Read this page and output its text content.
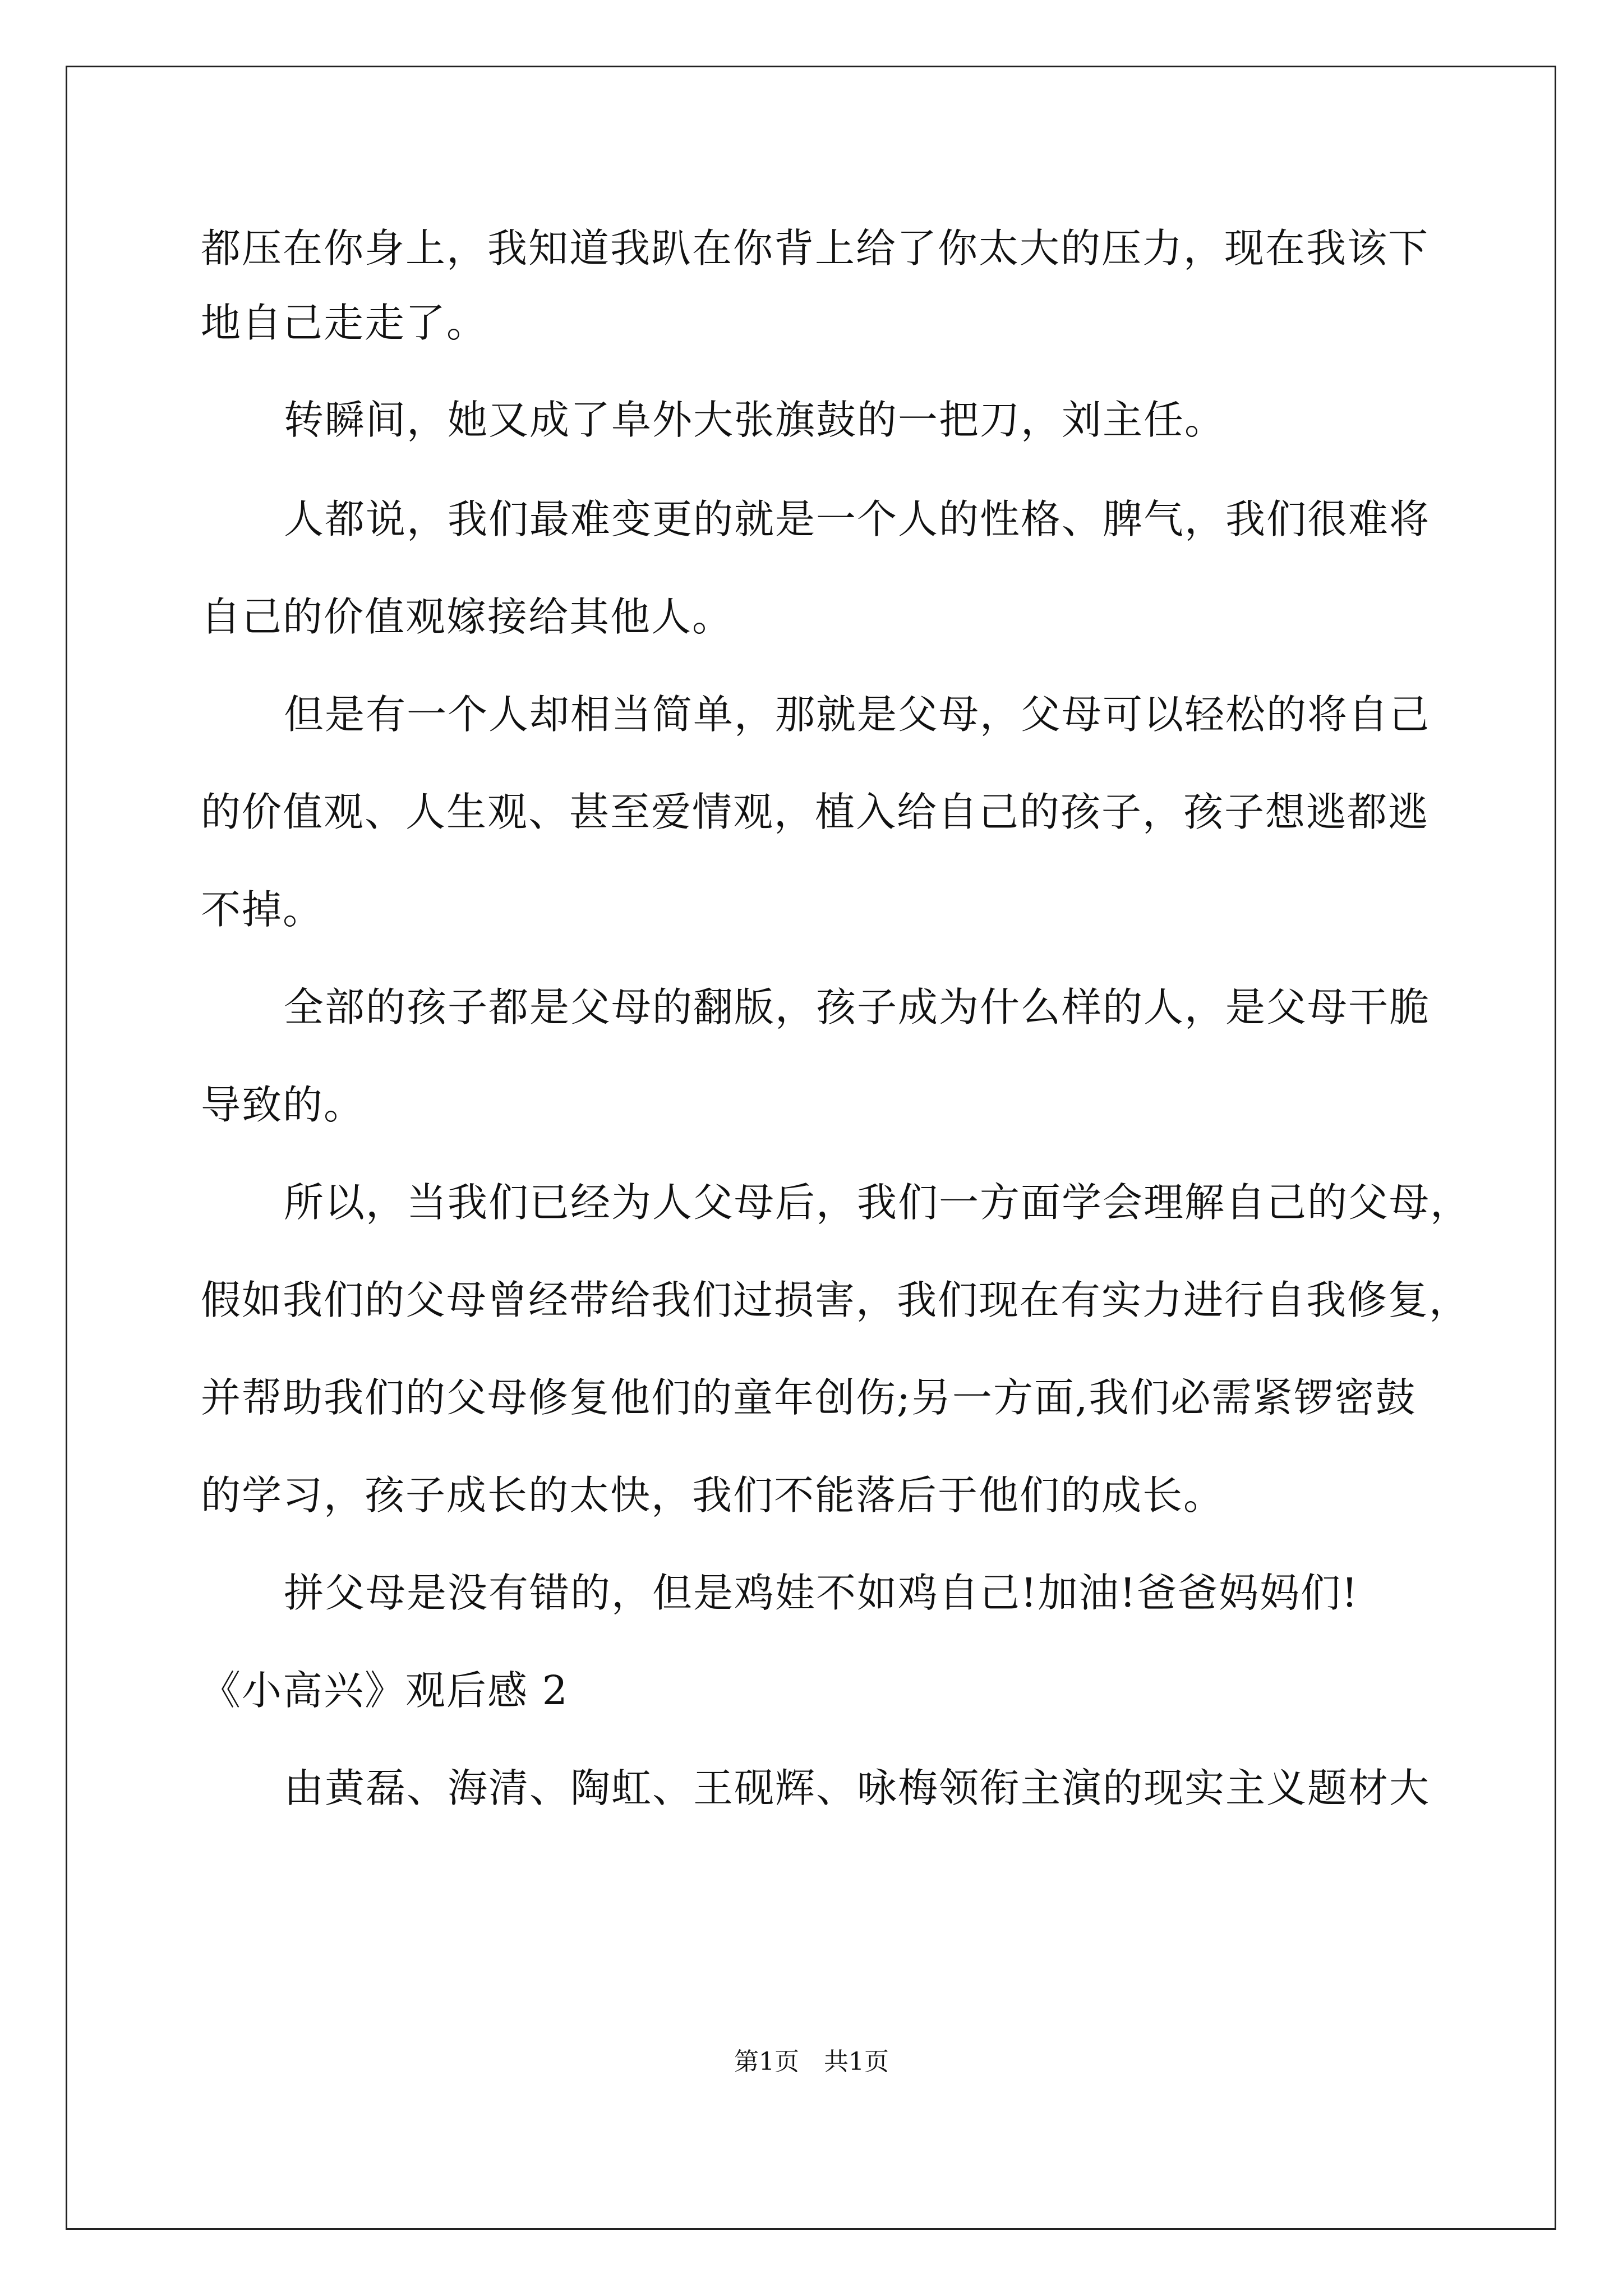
都压在你身上，我知道我趴在你背上给了你太大的压力，现在我该下
地自己走走了。
转瞬间，她又成了阜外大张旗鼓的一把刀，刘主任。
人都说，我们最难变更的就是一个人的性格、脾气，我们很难将
自己的价值观嫁接给其他人。
但是有一个人却相当简单，那就是父母，父母可以轻松的将自己
的价值观、人生观、甚至爱情观，植入给自己的孩子，孩子想逃都逃
不掉。
全部的孩子都是父母的翻版，孩子成为什么样的人，是父母干脆
导致的。
所以，当我们已经为人父母后，我们一方面学会理解自己的父母，
假如我们的父母曾经带给我们过损害，我们现在有实力进行自我修复，
并帮助我们的父母修复他们的童年创伤;另一方面,我们必需紧锣密鼓
的学习，孩子成长的太快，我们不能落后于他们的成长。
拼父母是没有错的，但是鸡娃不如鸡自己!加油!爸爸妈妈们!
《小高兴》观后感 2
由黄磊、海清、陶虹、王砚辉、咏梅领衔主演的现实主义题材大
第1页 共1页
